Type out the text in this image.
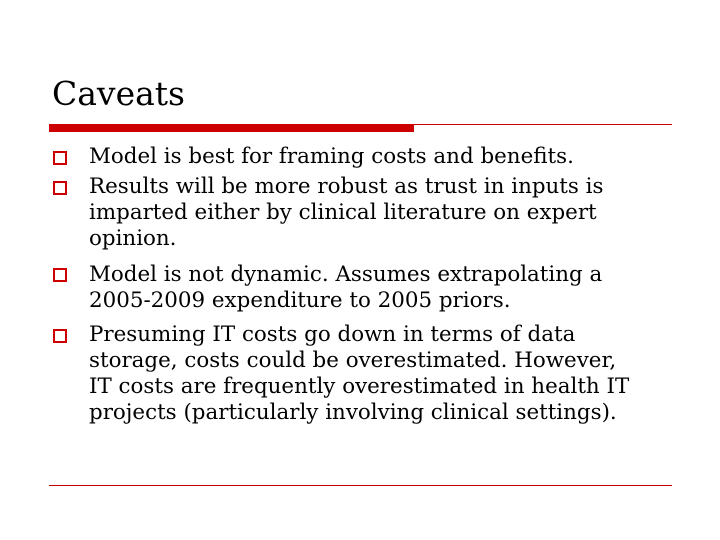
Caveats
Model is best for framing costs and benefits.
Results will be more robust as trust in inputs is
imparted either by clinical literature on expert
opinion.
Model is not dynamic. Assumes extrapolating a
2005-2009 expenditure to 2005 priors.
Presuming IT costs go down in terms of data
storage, costs could be overestimated. However,
IT costs are frequently overestimated in health IT
projects (particularly involving clinical settings).
